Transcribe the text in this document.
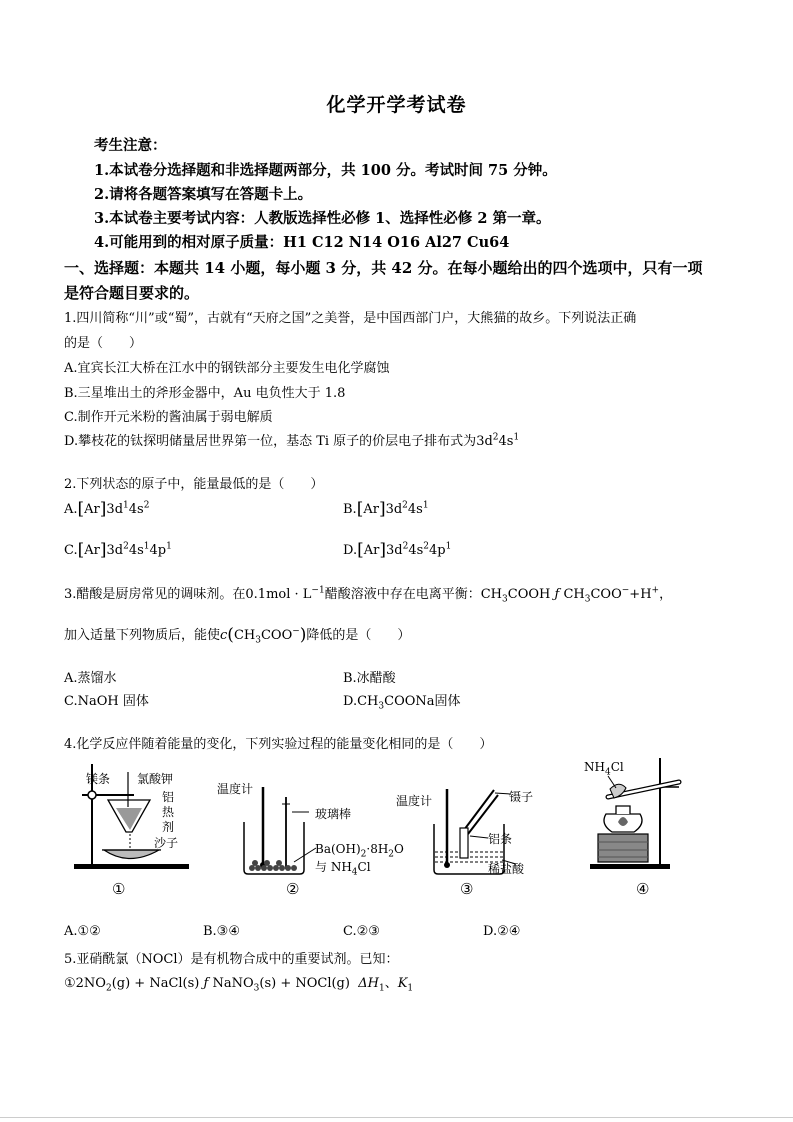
化学开学考试卷
考生注意：
1.本试卷分选择题和非选择题两部分，共 100 分。考试时间 75 分钟。
2.请将各题答案填写在答题卡上。
3.本试卷主要考试内容：人教版选择性必修 1、选择性必修 2 第一章。
4.可能用到的相对原子质量：H1 C12 N14 O16 Al27 Cu64
一、选择题：本题共 14 小题，每小题 3 分，共 42 分。在每小题给出的四个选项中，只有一项
是符合题目要求的。
1.四川简称“川”或“蜀”，古就有“天府之国”之美誉，是中国西部门户，大熊猫的故乡。下列说法正确
的是（　　）
A.宜宾长江大桥在江水中的钢铁部分主要发生电化学腐蚀
B.三星堆出土的斧形金器中，Au 电负性大于 1.8
C.制作开元米粉的酱油属于弱电解质
D.攀枝花的钛探明储量居世界第一位，基态 Ti 原子的价层电子排布式为$3d^24s^1$
2.下列状态的原子中，能量最低的是（　　）
$A.[Ar]3d^14s^2$	$B.[Ar]3d^24s^1$
$C.[Ar]3d^24s^14p^1$	$D.[Ar]3d^24s^24p^1$
3.醋酸是厨房常见的调味剂。在$0.1mol \cdot L^{-1}$醋酸溶液中存在电离平衡：$CH_3COOH$ ƒ $CH_3COO^-+H^+$，
加入适量下列物质后，能使$c(CH_3COO^-)$降低的是（　　）
A.蒸馏水	B.冰醋酸
C.NaOH 固体	$D.CH_3COONa$固体
4.化学反应伴随着能量的变化，下列实验过程的能量变化相同的是（　　）
镁条 氯酸钾
铝
热
剂
沙子
①
温度计
玻璃棒
$Ba(OH)_2\cdot 8H_2O$
与 $NH_4Cl$
②
温度计	镊子
铝条
稀盐酸
③
$NH_4Cl$
④
A.①②	B.③④	C.②③	D.②④
5.亚硝酰氯（NOCl）是有机物合成中的重要试剂。已知：
$①2NO_2(g)$ + NaCl(s) ƒ NaNO$_3$(s) + NOCl(g) $\Delta H_1$、$K_1$
